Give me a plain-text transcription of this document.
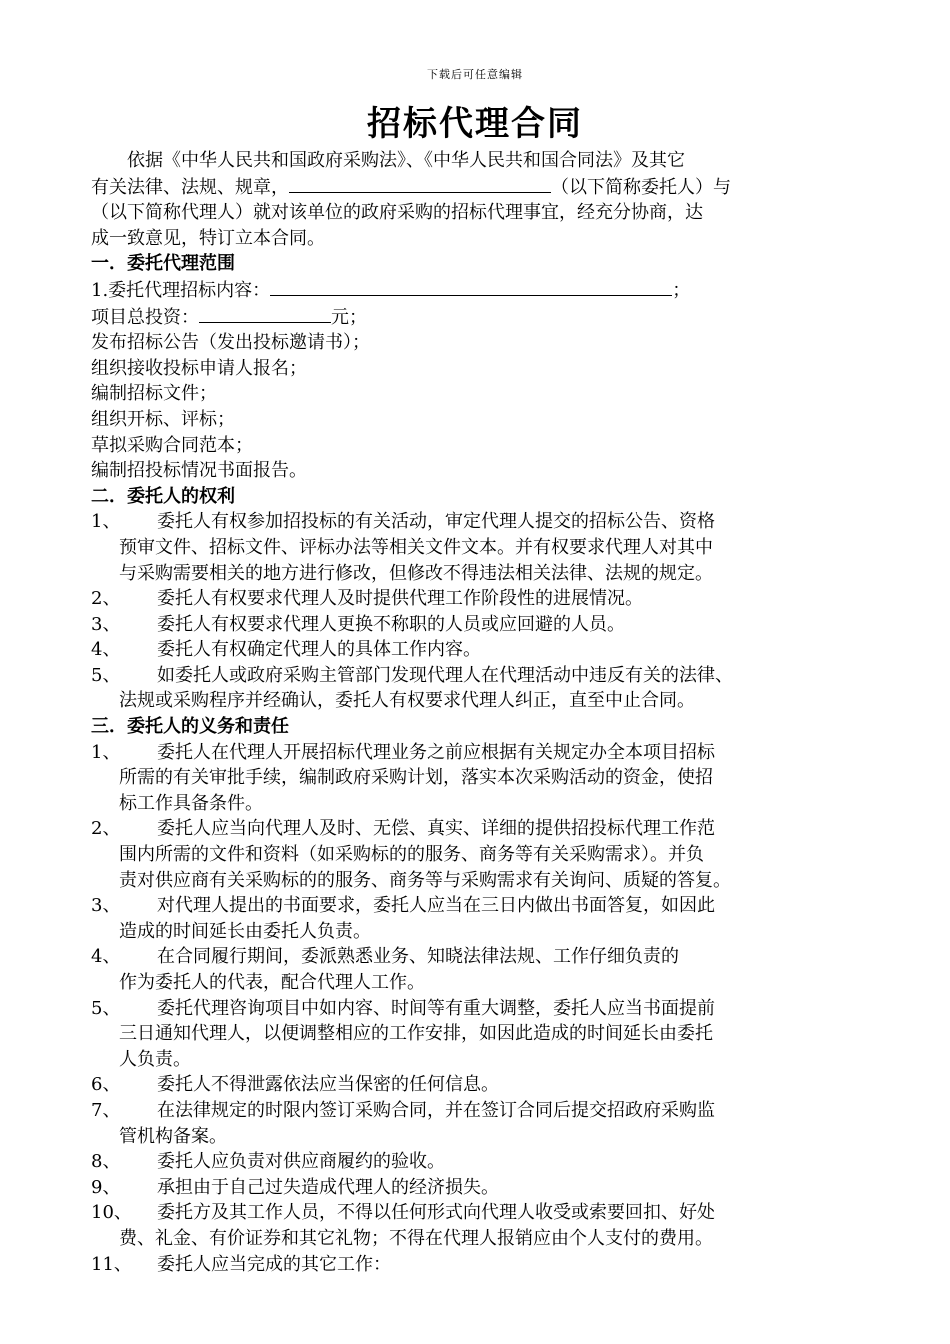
下载后可任意编辑
招标代理合同

依据《中华人民共和国政府采购法》、《中华人民共和国合同法》及其它

有关法律、法规、规章，	（以下简称委托人）与

（以下简称代理人）就对该单位的政府采购的招标代理事宜，经充分协商，达

成一致意见，特订立本合同。

一．委托代理范围

1.委托代理招标内容：	；

项目总投资：	元；

发布招标公告（发出投标邀请书）；

组织接收投标申请人报名；

编制招标文件；

组织开标、评标；

草拟采购合同范本；

编制招投标情况书面报告。

二．委托人的权利

1、 委托人有权参加招投标的有关活动，审定代理人提交的招标公告、资格

预审文件、招标文件、评标办法等相关文件文本。并有权要求代理人对其中

与采购需要相关的地方进行修改，但修改不得违法相关法律、法规的规定。

2、 委托人有权要求代理人及时提供代理工作阶段性的进展情况。

3、 委托人有权要求代理人更换不称职的人员或应回避的人员。

4、 委托人有权确定代理人的具体工作内容。

5、 如委托人或政府采购主管部门发现代理人在代理活动中违反有关的法律、

法规或采购程序并经确认，委托人有权要求代理人纠正，直至中止合同。

三．委托人的义务和责任

1、 委托人在代理人开展招标代理业务之前应根据有关规定办全本项目招标

所需的有关审批手续，编制政府采购计划，落实本次采购活动的资金，使招

标工作具备条件。

2、 委托人应当向代理人及时、无偿、真实、详细的提供招投标代理工作范

围内所需的文件和资料（如采购标的的服务、商务等有关采购需求）。并负

责对供应商有关采购标的的服务、商务等与采购需求有关询问、质疑的答复。

3、 对代理人提出的书面要求，委托人应当在三日内做出书面答复，如因此

造成的时间延长由委托人负责。

4、 在合同履行期间，委派熟悉业务、知晓法律法规、工作仔细负责的

作为委托人的代表，配合代理人工作。

5、 委托代理咨询项目中如内容、时间等有重大调整，委托人应当书面提前

三日通知代理人，以便调整相应的工作安排，如因此造成的时间延长由委托

人负责。

6、 委托人不得泄露依法应当保密的任何信息。

7、 在法律规定的时限内签订采购合同，并在签订合同后提交招政府采购监

管机构备案。

8、 委托人应负责对供应商履约的验收。

9、 承担由于自己过失造成代理人的经济损失。

10、 委托方及其工作人员，不得以任何形式向代理人收受或索要回扣、好处

费、礼金、有价证券和其它礼物；不得在代理人报销应由个人支付的费用。

11、 委托人应当完成的其它工作：
